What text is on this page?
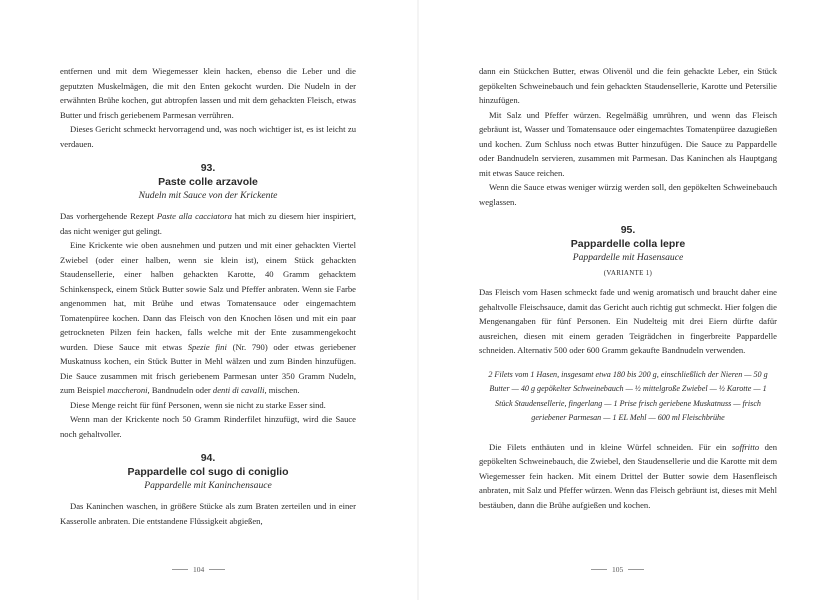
entfernen und mit dem Wiegemesser klein hacken, ebenso die Leber und die geputzten Muskelmägen, die mit den Enten gekocht wurden. Die Nudeln in der erwähnten Brühe kochen, gut abtropfen lassen und mit dem gehackten Fleisch, etwas Butter und frisch geriebenem Parmesan verrühren.

Dieses Gericht schmeckt hervorragend und, was noch wichtiger ist, es ist leicht zu verdauen.

93.
Paste colle arzavole
Nudeln mit Sauce von der Krickente

Das vorhergehende Rezept Paste alla cacciatora hat mich zu diesem hier inspiriert, das nicht weniger gut gelingt.

Eine Krickente wie oben ausnehmen und putzen und mit einer gehackten Viertel Zwiebel (oder einer halben, wenn sie klein ist), einem Stück gehackten Staudensellerie, einer halben gehackten Karotte, 40 Gramm gehacktem Schinkenspeck, einem Stück Butter sowie Salz und Pfeffer anbraten. Wenn sie Farbe angenommen hat, mit Brühe und etwas Tomatensauce oder eingemachtem Tomatenpüree kochen. Dann das Fleisch von den Knochen lösen und mit ein paar getrockneten Pilzen fein hacken, falls welche mit der Ente zusammengekocht wurden. Diese Sauce mit etwas Spezie fini (Nr. 790) oder etwas geriebener Muskatnuss kochen, ein Stück Butter in Mehl wälzen und zum Binden hinzufügen. Die Sauce zusammen mit frisch geriebenem Parmesan unter 350 Gramm Nudeln, zum Beispiel maccheroni, Bandnudeln oder denti di cavalli, mischen.

Diese Menge reicht für fünf Personen, wenn sie nicht zu starke Esser sind.

Wenn man der Krickente noch 50 Gramm Rinderfilet hinzufügt, wird die Sauce noch gehaltvoller.

94.
Pappardelle col sugo di coniglio
Pappardelle mit Kaninchensauce

Das Kaninchen waschen, in größere Stücke als zum Braten zerteilen und in einer Kasserolle anbraten. Die entstandene Flüssigkeit abgießen,

104

dann ein Stückchen Butter, etwas Olivenöl und die fein gehackte Leber, ein Stück gepökelten Schweinebauch und fein gehackten Staudensellerie, Karotte und Petersilie hinzufügen.

Mit Salz und Pfeffer würzen. Regelmäßig umrühren, und wenn das Fleisch gebräunt ist, Wasser und Tomatensauce oder eingemachtes Tomatenpüree dazugießen und kochen. Zum Schluss noch etwas Butter hinzufügen. Die Sauce zu Pappardelle oder Bandnudeln servieren, zusammen mit Parmesan. Das Kaninchen als Hauptgang mit etwas Sauce reichen.

Wenn die Sauce etwas weniger würzig werden soll, den gepökelten Schweinebauch weglassen.

95.
Pappardelle colla lepre
Pappardelle mit Hasensauce
(VARIANTE 1)

Das Fleisch vom Hasen schmeckt fade und wenig aromatisch und braucht daher eine gehaltvolle Fleischsauce, damit das Gericht auch richtig gut schmeckt. Hier folgen die Mengenangaben für fünf Personen. Ein Nudelteig mit drei Eiern dürfte dafür ausreichen, diesen mit einem geraden Teigrädchen in fingerbreite Pappardelle schneiden. Alternativ 500 oder 600 Gramm gekaufte Bandnudeln verwenden.

2 Filets vom 1 Hasen, insgesamt etwa 180 bis 200 g, einschließlich der Nieren — 50 g Butter — 40 g gepökelter Schweinebauch — ½ mittelgroße Zwiebel — ½ Karotte — 1 Stück Staudensellerie, fingerlang — 1 Prise frisch geriebene Muskatnuss — frisch geriebener Parmesan — 1 EL Mehl — 600 ml Fleischbrühe

Die Filets enthäuten und in kleine Würfel schneiden. Für ein soffritto den gepökelten Schweinebauch, die Zwiebel, den Staudensellerie und die Karotte mit dem Wiegemesser fein hacken. Mit einem Drittel der Butter sowie dem Hasenfleisch anbraten, mit Salz und Pfeffer würzen. Wenn das Fleisch gebräunt ist, dieses mit Mehl bestäuben, dann die Brühe aufgießen und kochen.

105
